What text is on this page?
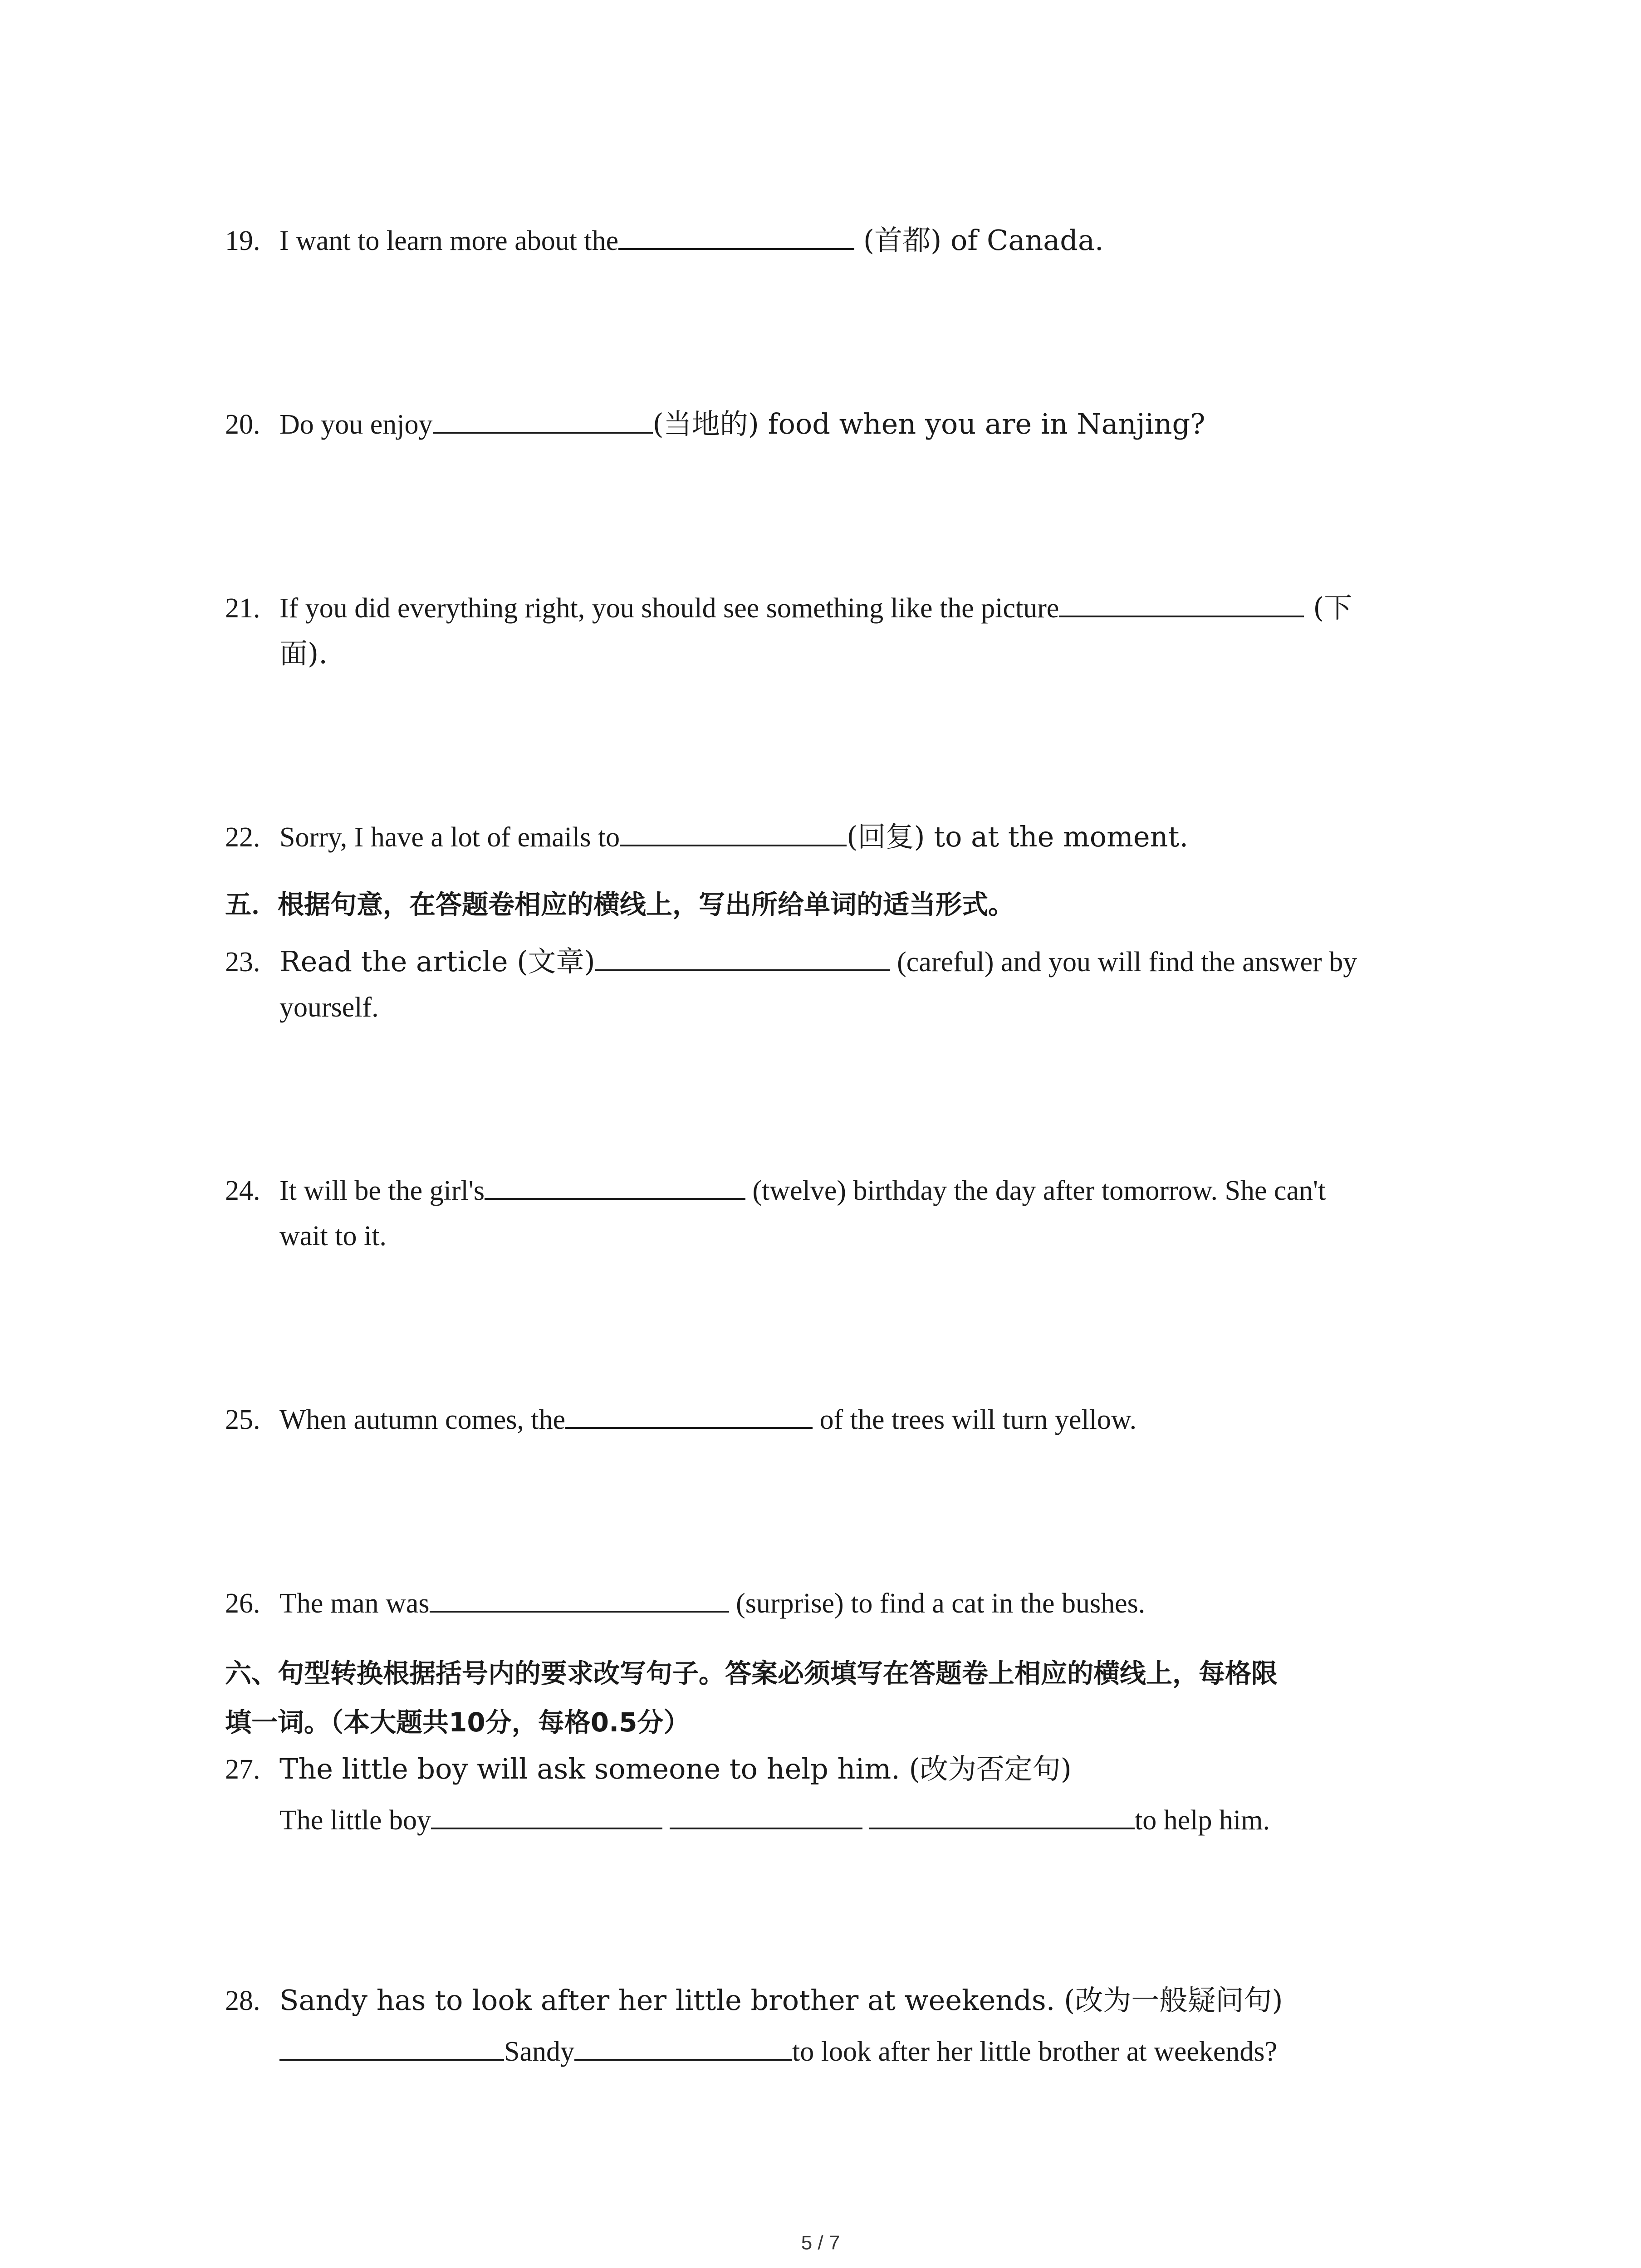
19. I want to learn more about the	(首都) of Canada.
20. Do you enjoy	(当地的) food when you are in Nanjing?
21. If you did everything right, you should see something like the picture	(下
面).
22. Sorry, I have a lot of emails to	(回复) to at the moment.
五．根据句意，在答题卷相应的横线上，写出所给单词的适当形式。
23. Read the article (文章)	(careful) and you will find the answer by
yourself.
24. It will be the girl's	(twelve) birthday the day after tomorrow. She can't
wait to it.
25. When autumn comes, the	of the trees will turn yellow.
26. The man was	(surprise) to find a cat in the bushes.
六、句型转换根据括号内的要求改写句子。答案必须填写在答题卷上相应的横线上，每格限
填一词。（本大题共10分，每格0.5分）
27. The little boy will ask someone to help him. (改为否定句)
The little boy	to help him.
28. Sandy has to look after her little brother at weekends. (改为一般疑问句)
Sandy	to look after her little brother at weekends?
5 / 7
